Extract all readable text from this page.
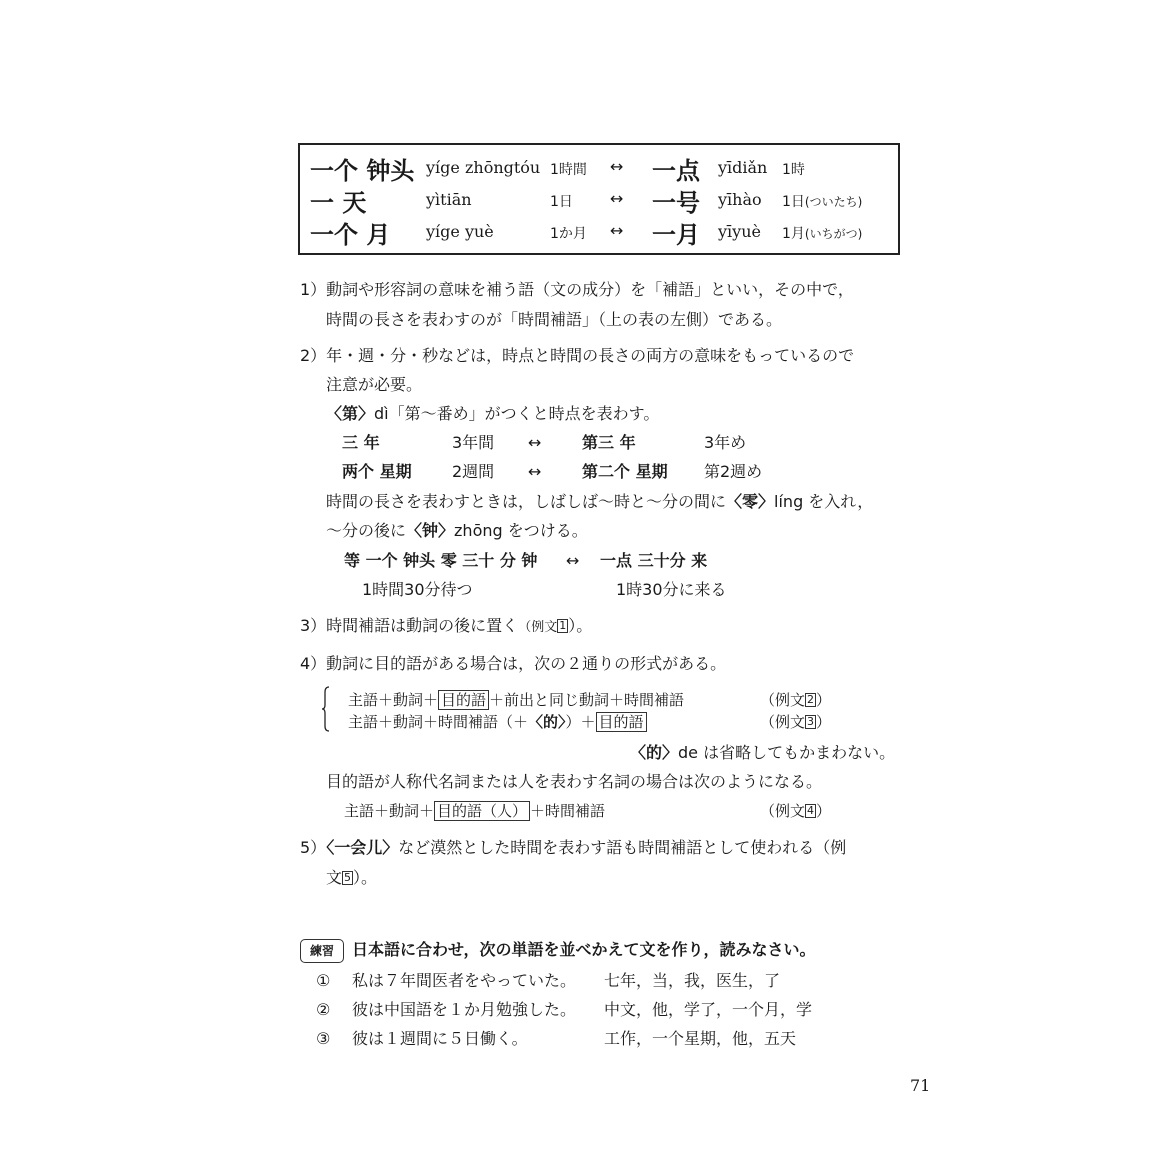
一个 钟头 yíge zhōngtóu 1時間 ↔ 一点 yīdiǎn 1時
一 天	yìtiān	1日 ↔ 一号 yīhào 1日(ついたち)
一个 月 yíge yuè	1か月 ↔ 一月 yīyuè 1月(いちがつ)
1）動詞や形容詞の意味を補う語（文の成分）を「補語」といい，その中で，
時間の長さを表わすのが「時間補語」（上の表の左側）である。
2）年・週・分・秒などは，時点と時間の長さの両方の意味をもっているので
注意が必要。
〈第〉dì「第～番め」がつくと時点を表わす。
三 年	3年間 ↔	第三 年	3年め
两个 星期	2週間 ↔	第二个 星期 第2週め
時間の長さを表わすときは，しばしば～時と～分の間に〈零〉líng を入れ，
～分の後に〈钟〉zhōng をつける。
等 一个 钟头 零 三十 分 钟 ↔ 一点 三十分 来
1時間30分待つ	1時30分に来る
3）時間補語は動詞の後に置く（例文 1 ）。
4）動詞に目的語がある場合は，次の２通りの形式がある。
主語＋動詞＋ 目的語 ＋前出と同じ動詞＋時間補語	（例文 2 ）
主語＋動詞＋時間補語（＋〈的〉）＋ 目的語	（例文 3 ）
〈的〉de は省略してもかまわない。
目的語が人称代名詞または人を表わす名詞の場合は次のようになる。
主語＋動詞＋ 目的語（人） ＋時間補語	（例文 4 ）
5）〈一会儿〉など漠然とした時間を表わす語も時間補語として使われる（例
文 5 ）。
練習	日本語に合わせ，次の単語を並べかえて文を作り，読みなさい。
① 私は７年間医者をやっていた。 七年，当，我，医生，了
② 彼は中国語を１か月勉強した。 中文，他，学了，一个月，学
③ 彼は１週間に５日働く。	工作，一个星期，他，五天
71
